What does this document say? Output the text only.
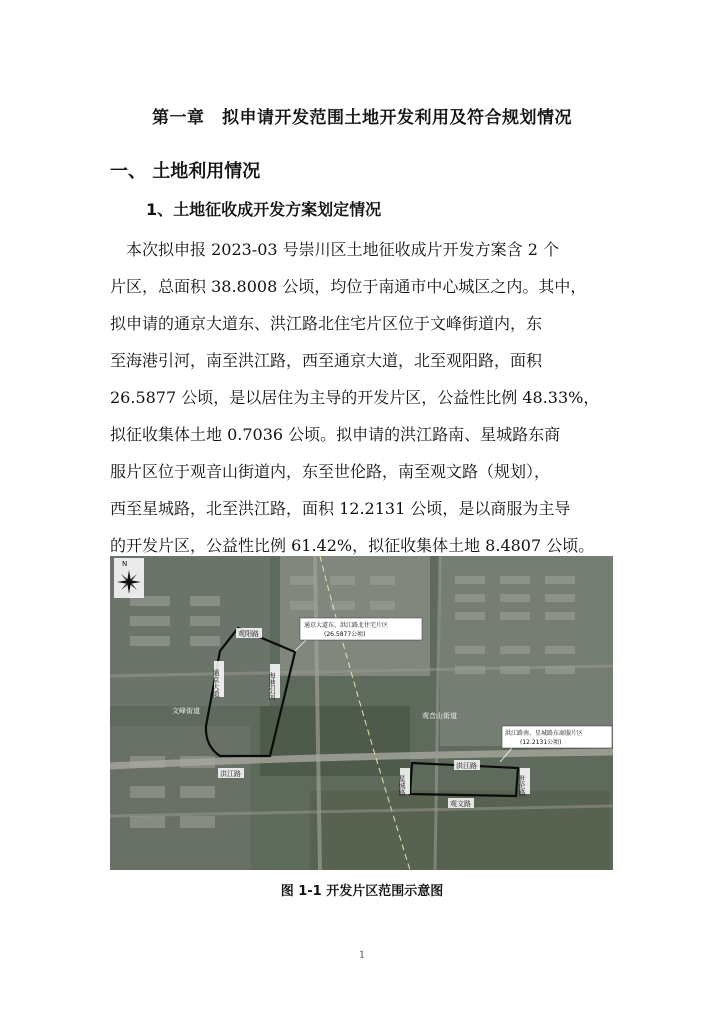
第一章　拟申请开发范围土地开发利用及符合规划情况
一、 土地利用情况
1、土地征收成开发方案划定情况
　本次拟申报 2023-03 号崇川区土地征收成片开发方案含 2 个
片区，总面积 38.8008 公顷，均位于南通市中心城区之内。其中，
拟申请的通京大道东、洪江路北住宅片区位于文峰街道内，东
至海港引河，南至洪江路，西至通京大道，北至观阳路，面积
26.5877 公顷，是以居住为主导的开发片区，公益性比例 48.33%，
拟征收集体土地 0.7036 公顷。拟申请的洪江路南、星城路东商
服片区位于观音山街道内，东至世伦路，南至观文路（规划），
西至星城路，北至洪江路，面积 12.2131 公顷，是以商服为主导
的开发片区，公益性比例 61.42%，拟征收集体土地 8.4807 公顷。
N
通京大道东、洪江路北住宅片区
(26.5877公顷)
洪江路南、星城路东商服片区
(12.2131公顷)
观阳路
通京大道	海港引河
洪江路
洪江路
星城路	世伦路
观文路
文峰街道
观音山街道
图 1-1 开发片区范围示意图
1
